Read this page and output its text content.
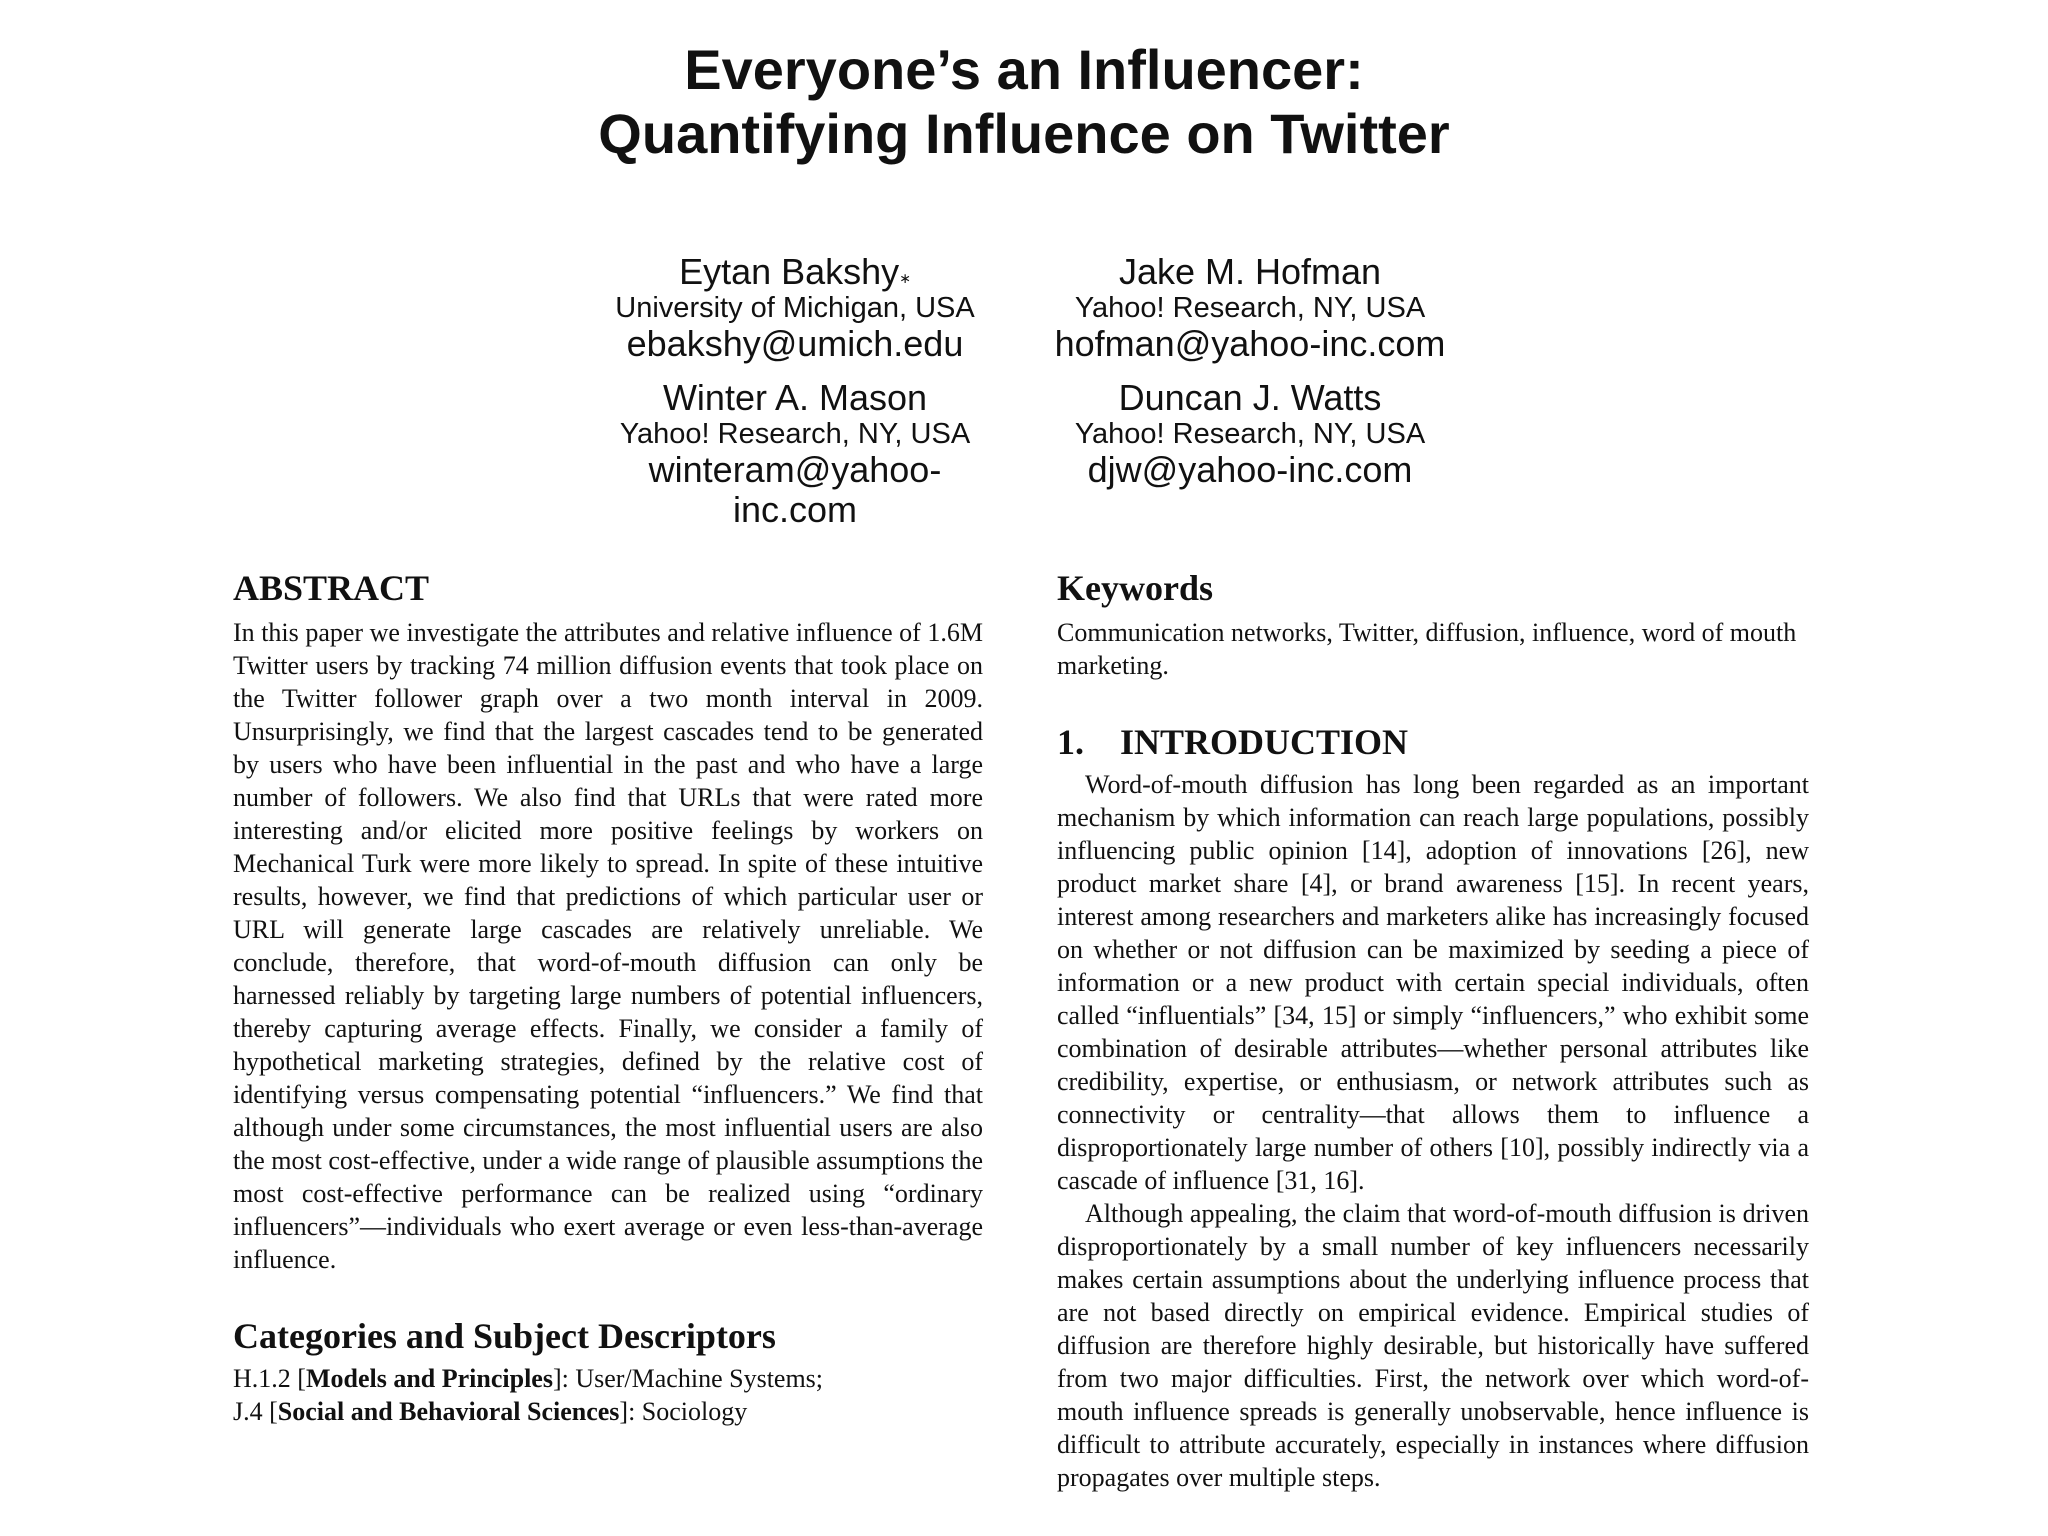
Everyone’s an Influencer:

Quantifying Influence on Twitter

Eytan Bakshy∗
University of Michigan, USA
ebakshy@umich.edu
Jake M. Hofman
Yahoo! Research, NY, USA
hofman@yahoo-inc.com
Winter A. Mason
Yahoo! Research, NY, USA
winteram@yahoo-
inc.com
Duncan J. Watts
Yahoo! Research, NY, USA
djw@yahoo-inc.com
ABSTRACT

In this paper we investigate the attributes and relative influence of 1.6M Twitter users by tracking 74 million diffusion events that took place on the Twitter follower graph over a two month interval in 2009. Unsurprisingly, we find that the largest cascades tend to be generated by users who have been influential in the past and who have a large number of followers. We also find that URLs that were rated more interesting and/or elicited more positive feelings by workers on Mechanical Turk were more likely to spread. In spite of these intuitive results, however, we find that predictions of which particular user or URL will generate large cascades are relatively unreliable. We conclude, therefore, that word-of-mouth diffusion can only be harnessed reliably by targeting large numbers of potential influencers, thereby capturing average effects. Finally, we consider a family of hypothetical marketing strategies, defined by the relative cost of identifying versus compensating potential “influencers.” We find that although under some circumstances, the most influential users are also the most cost-effective, under a wide range of plausible assumptions the most cost-effective performance can be realized using “ordinary influencers”—individuals who exert average or even less-than-average influence.

Categories and Subject Descriptors

H.1.2 [Models and Principles]: User/Machine Systems;

J.4 [Social and Behavioral Sciences]: Sociology

Keywords

Communication networks, Twitter, diffusion, influence, word of mouth marketing.

1.    INTRODUCTION

Word-of-mouth diffusion has long been regarded as an important mechanism by which information can reach large populations, possibly influencing public opinion [14], adoption of innovations [26], new product market share [4], or brand awareness [15]. In recent years, interest among researchers and marketers alike has increasingly focused on whether or not diffusion can be maximized by seeding a piece of information or a new product with certain special individuals, often called “influentials” [34, 15] or simply “influencers,” who exhibit some combination of desirable attributes—whether personal attributes like credibility, expertise, or enthusiasm, or network attributes such as connectivity or centrality—that allows them to influence a disproportionately large number of others [10], possibly indirectly via a cascade of influence [31, 16].

Although appealing, the claim that word-of-mouth diffusion is driven disproportionately by a small number of key influencers necessarily makes certain assumptions about the underlying influence process that are not based directly on empirical evidence. Empirical studies of diffusion are therefore highly desirable, but historically have suffered from two major difficulties. First, the network over which word-of-mouth influence spreads is generally unobservable, hence influence is difficult to attribute accurately, especially in instances where diffusion propagates over multiple steps.
